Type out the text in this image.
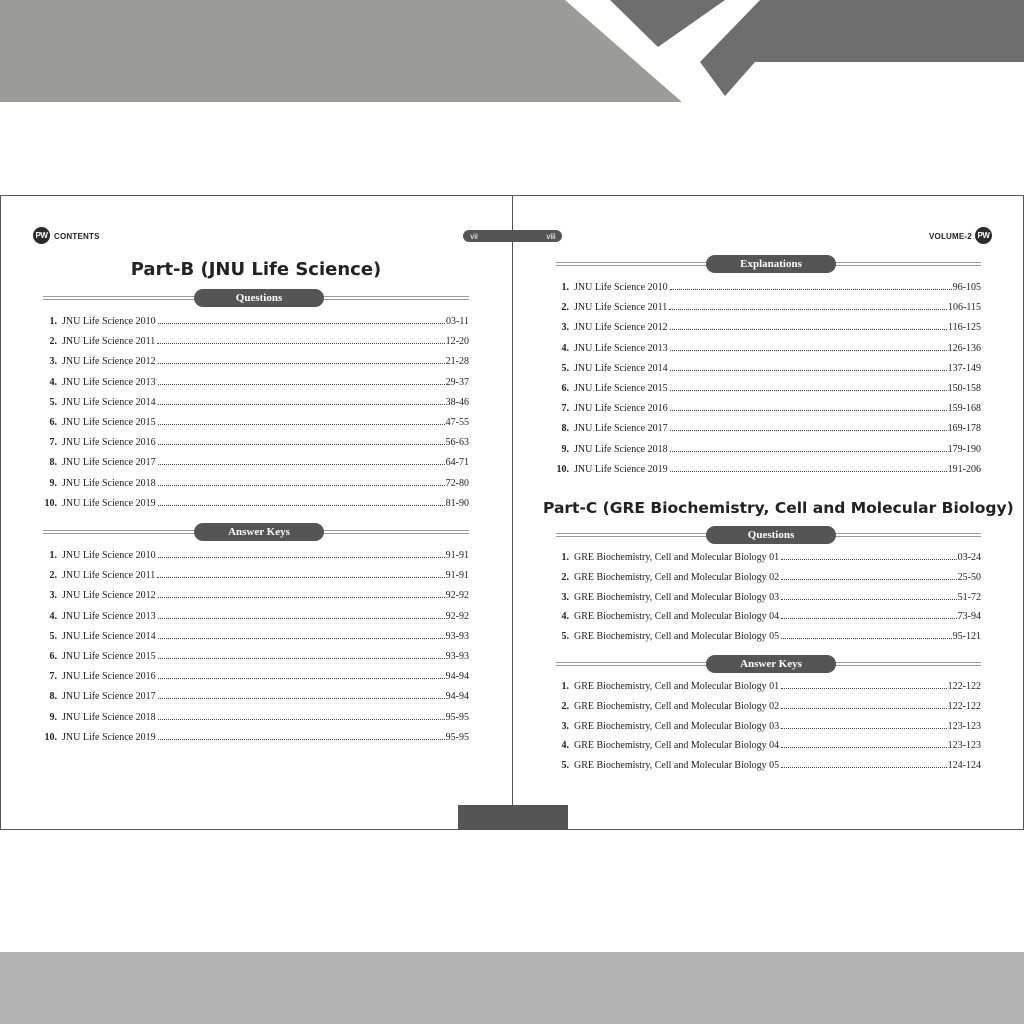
PW CONTENTS	vii
Part-B (JNU Life Science)
Questions
1. JNU Life Science 2010	03-11
2. JNU Life Science 2011	12-20
3. JNU Life Science 2012	21-28
4. JNU Life Science 2013	29-37
5. JNU Life Science 2014	38-46
6. JNU Life Science 2015	47-55
7. JNU Life Science 2016	56-63
8. JNU Life Science 2017	64-71
9. JNU Life Science 2018	72-80
10. JNU Life Science 2019	81-90
Answer Keys
1. JNU Life Science 2010	91-91
2. JNU Life Science 2011	91-91
3. JNU Life Science 2012	92-92
4. JNU Life Science 2013	92-92
5. JNU Life Science 2014	93-93
6. JNU Life Science 2015	93-93
7. JNU Life Science 2016	94-94
8. JNU Life Science 2017	94-94
9. JNU Life Science 2018	95-95
10. JNU Life Science 2019	95-95
viii	VOLUME-2 PW
Explanations
1. JNU Life Science 2010	96-105
2. JNU Life Science 2011	106-115
3. JNU Life Science 2012	116-125
4. JNU Life Science 2013	126-136
5. JNU Life Science 2014	137-149
6. JNU Life Science 2015	150-158
7. JNU Life Science 2016	159-168
8. JNU Life Science 2017	169-178
9. JNU Life Science 2018	179-190
10. JNU Life Science 2019	191-206
Part-C (GRE Biochemistry, Cell and Molecular Biology)
Questions
1. GRE Biochemistry, Cell and Molecular Biology 01	03-24
2. GRE Biochemistry, Cell and Molecular Biology 02	25-50
3. GRE Biochemistry, Cell and Molecular Biology 03	51-72
4. GRE Biochemistry, Cell and Molecular Biology 04	73-94
5. GRE Biochemistry, Cell and Molecular Biology 05	95-121
Answer Keys
1. GRE Biochemistry, Cell and Molecular Biology 01	122-122
2. GRE Biochemistry, Cell and Molecular Biology 02	122-122
3. GRE Biochemistry, Cell and Molecular Biology 03	123-123
4. GRE Biochemistry, Cell and Molecular Biology 04	123-123
5. GRE Biochemistry, Cell and Molecular Biology 05	124-124
